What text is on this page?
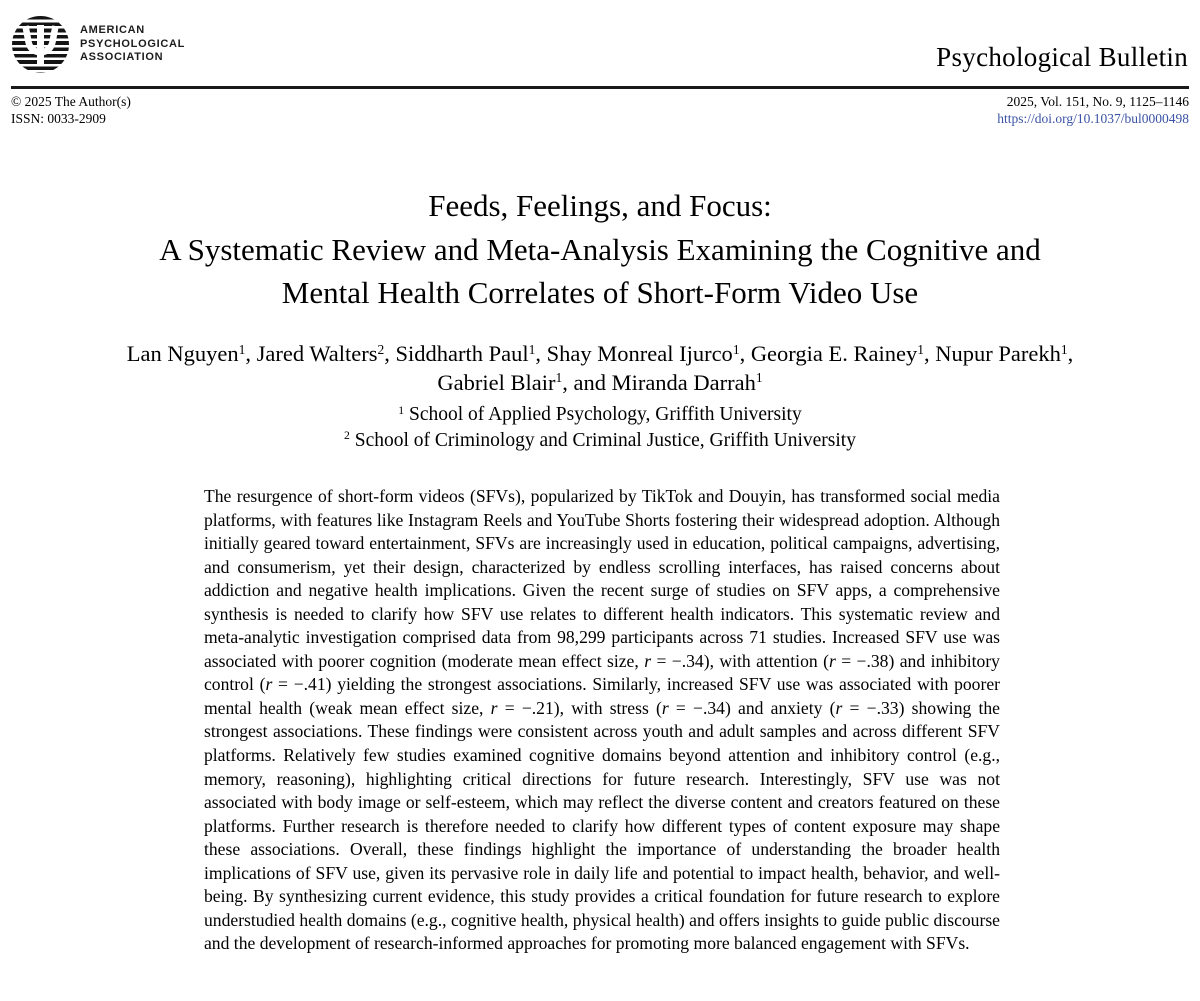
AMERICAN
PSYCHOLOGICAL
ASSOCIATION	Psychological Bulletin
© 2025 The Author(s)
ISSN: 0033-2909
2025, Vol. 151, No. 9, 1125–1146
https://doi.org/10.1037/bul0000498
Feeds, Feelings, and Focus:
A Systematic Review and Meta-Analysis Examining the Cognitive and
Mental Health Correlates of Short-Form Video Use
Lan Nguyen$^1$, Jared Walters$^2$, Siddharth Paul$^1$, Shay Monreal Ijurco$^1$, Georgia E. Rainey$^1$, Nupur Parekh$^1$,
Gabriel Blair$^1$, and Miranda Darrah$^1$
$^1$ School of Applied Psychology, Griffith University
$^2$ School of Criminology and Criminal Justice, Griffith University

The resurgence of short-form videos (SFVs), popularized by TikTok and Douyin, has transformed social media platforms, with features like Instagram Reels and YouTube Shorts fostering their widespread adoption. Although initially geared toward entertainment, SFVs are increasingly used in education, political campaigns, advertising, and consumerism, yet their design, characterized by endless scrolling interfaces, has raised concerns about addiction and negative health implications. Given the recent surge of studies on SFV apps, a comprehensive synthesis is needed to clarify how SFV use relates to different health indicators. This systematic review and meta-analytic investigation comprised data from 98,299 participants across 71 studies. Increased SFV use was associated with poorer cognition (moderate mean effect size, r = −.34), with attention (r = −.38) and inhibitory control (r = −.41) yielding the strongest associations. Similarly, increased SFV use was associated with poorer mental health (weak mean effect size, r = −.21), with stress (r = −.34) and anxiety (r = −.33) showing the strongest associations. These findings were consistent across youth and adult samples and across different SFV platforms. Relatively few studies examined cognitive domains beyond attention and inhibitory control (e.g., memory, reasoning), highlighting critical directions for future research. Interestingly, SFV use was not associated with body image or self-esteem, which may reflect the diverse content and creators featured on these platforms. Further research is therefore needed to clarify how different types of content exposure may shape these associations. Overall, these findings highlight the importance of understanding the broader health implications of SFV use, given its pervasive role in daily life and potential to impact health, behavior, and well-being. By synthesizing current evidence, this study provides a critical foundation for future research to explore understudied health domains (e.g., cognitive health, physical health) and offers insights to guide public discourse and the development of research-informed approaches for promoting more balanced engagement with SFVs.
